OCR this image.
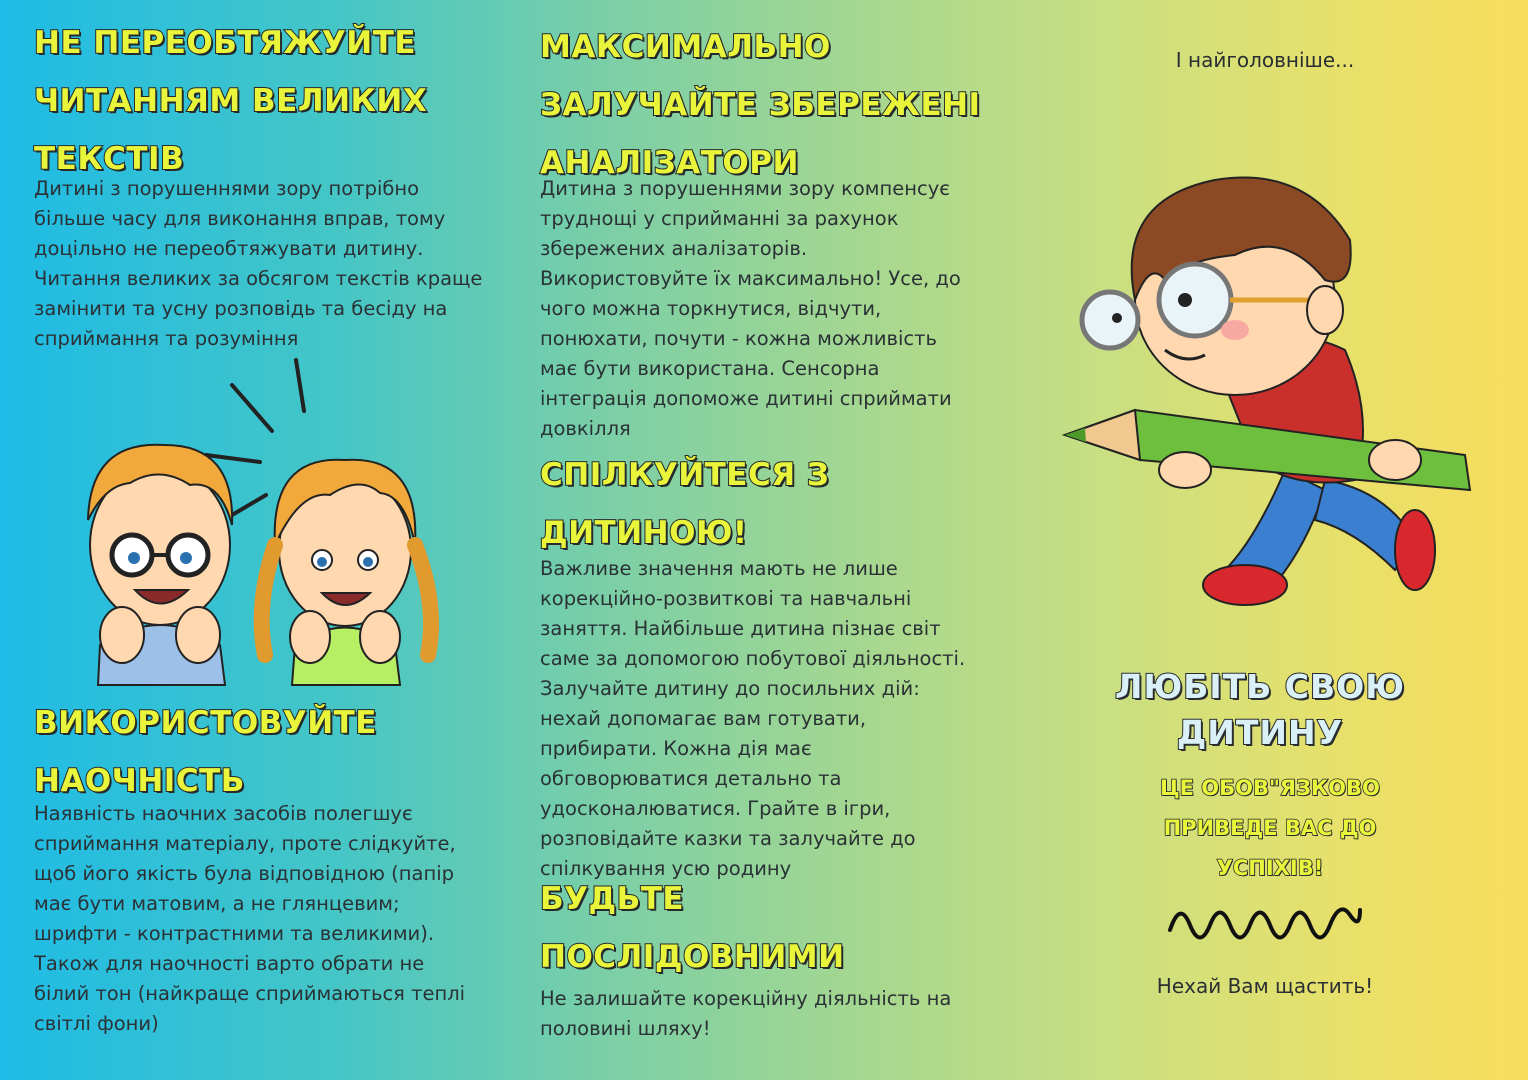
НЕ ПЕРЕОБТЯЖУЙТЕ ЧИТАННЯМ ВЕЛИКИХ ТЕКСТІВ

Дитині з порушеннями зору потрібно більше часу для виконання вправ, тому доцільно не переобтяжувати дитину. Читання великих за обсягом текстів краще замінити та усну розповідь та бесіду на сприймання та розуміння

ВИКОРИСТОВУЙТЕ НАОЧНІСТЬ

Наявність наочних засобів полегшує сприймання матеріалу, проте слідкуйте, щоб його якість була відповідною (папір має бути матовим, а не глянцевим; шрифти - контрастними та великими). Також для наочності варто обрати не білий тон (найкраще сприймаються теплі світлі фони)

МАКСИМАЛЬНО ЗАЛУЧАЙТЕ ЗБЕРЕЖЕНІ АНАЛІЗАТОРИ

Дитина з порушеннями зору компенсує труднощі у сприйманні за рахунок збережених аналізаторів. Використовуйте їх максимально! Усе, до чого можна торкнутися, відчути, понюхати, почути - кожна можливість має бути використана. Сенсорна інтеграція допоможе дитині сприймати довкілля

СПІЛКУЙТЕСЯ З ДИТИНОЮ!

Важливе значення мають не лише корекційно-розвиткові та навчальні заняття. Найбільше дитина пізнає світ саме за допомогою побутової діяльності. Залучайте дитину до посильних дій: нехай допомагає вам готувати, прибирати. Кожна дія має обговорюватися детально та удосконалюватися. Грайте в ігри, розповідайте казки та залучайте до спілкування усю родину

БУДЬТЕ ПОСЛІДОВНИМИ

Не залишайте корекційну діяльність на половині шляху!

І найголовніше...
ЛЮБІТЬ СВОЮ ДИТИНУ
ЦЕ ОБОВ"ЯЗКОВО ПРИВЕДЕ ВАС ДО УСПІХІВ!
Нехай Вам щастить!
